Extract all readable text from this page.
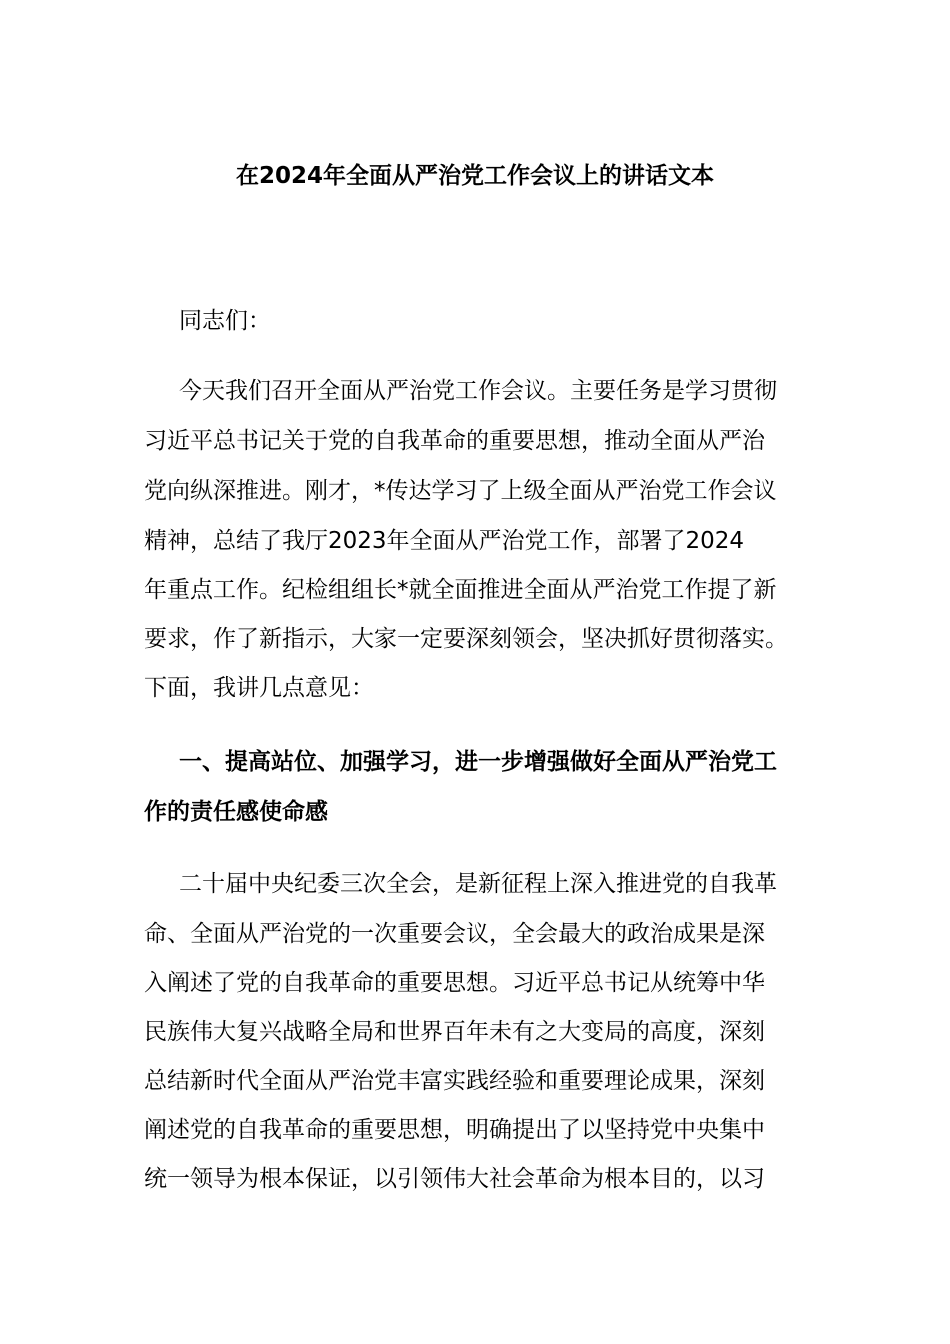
在2024年全面从严治党工作会议上的讲话文本
同志们：
今天我们召开全面从严治党工作会议。主要任务是学习贯彻
习近平总书记关于党的自我革命的重要思想，推动全面从严治
党向纵深推进。刚才，*传达学习了上级全面从严治党工作会议
精神，总结了我厅2023年全面从严治党工作，部署了2024
年重点工作。纪检组组长*就全面推进全面从严治党工作提了新
要求，作了新指示，大家一定要深刻领会，坚决抓好贯彻落实。
下面，我讲几点意见：
一、提高站位、加强学习，进一步增强做好全面从严治党工
作的责任感使命感
二十届中央纪委三次全会，是新征程上深入推进党的自我革
命、全面从严治党的一次重要会议，全会最大的政治成果是深
入阐述了党的自我革命的重要思想。习近平总书记从统筹中华
民族伟大复兴战略全局和世界百年未有之大变局的高度，深刻
总结新时代全面从严治党丰富实践经验和重要理论成果，深刻
阐述党的自我革命的重要思想，明确提出了以坚持党中央集中
统一领导为根本保证，以引领伟大社会革命为根本目的，以习
